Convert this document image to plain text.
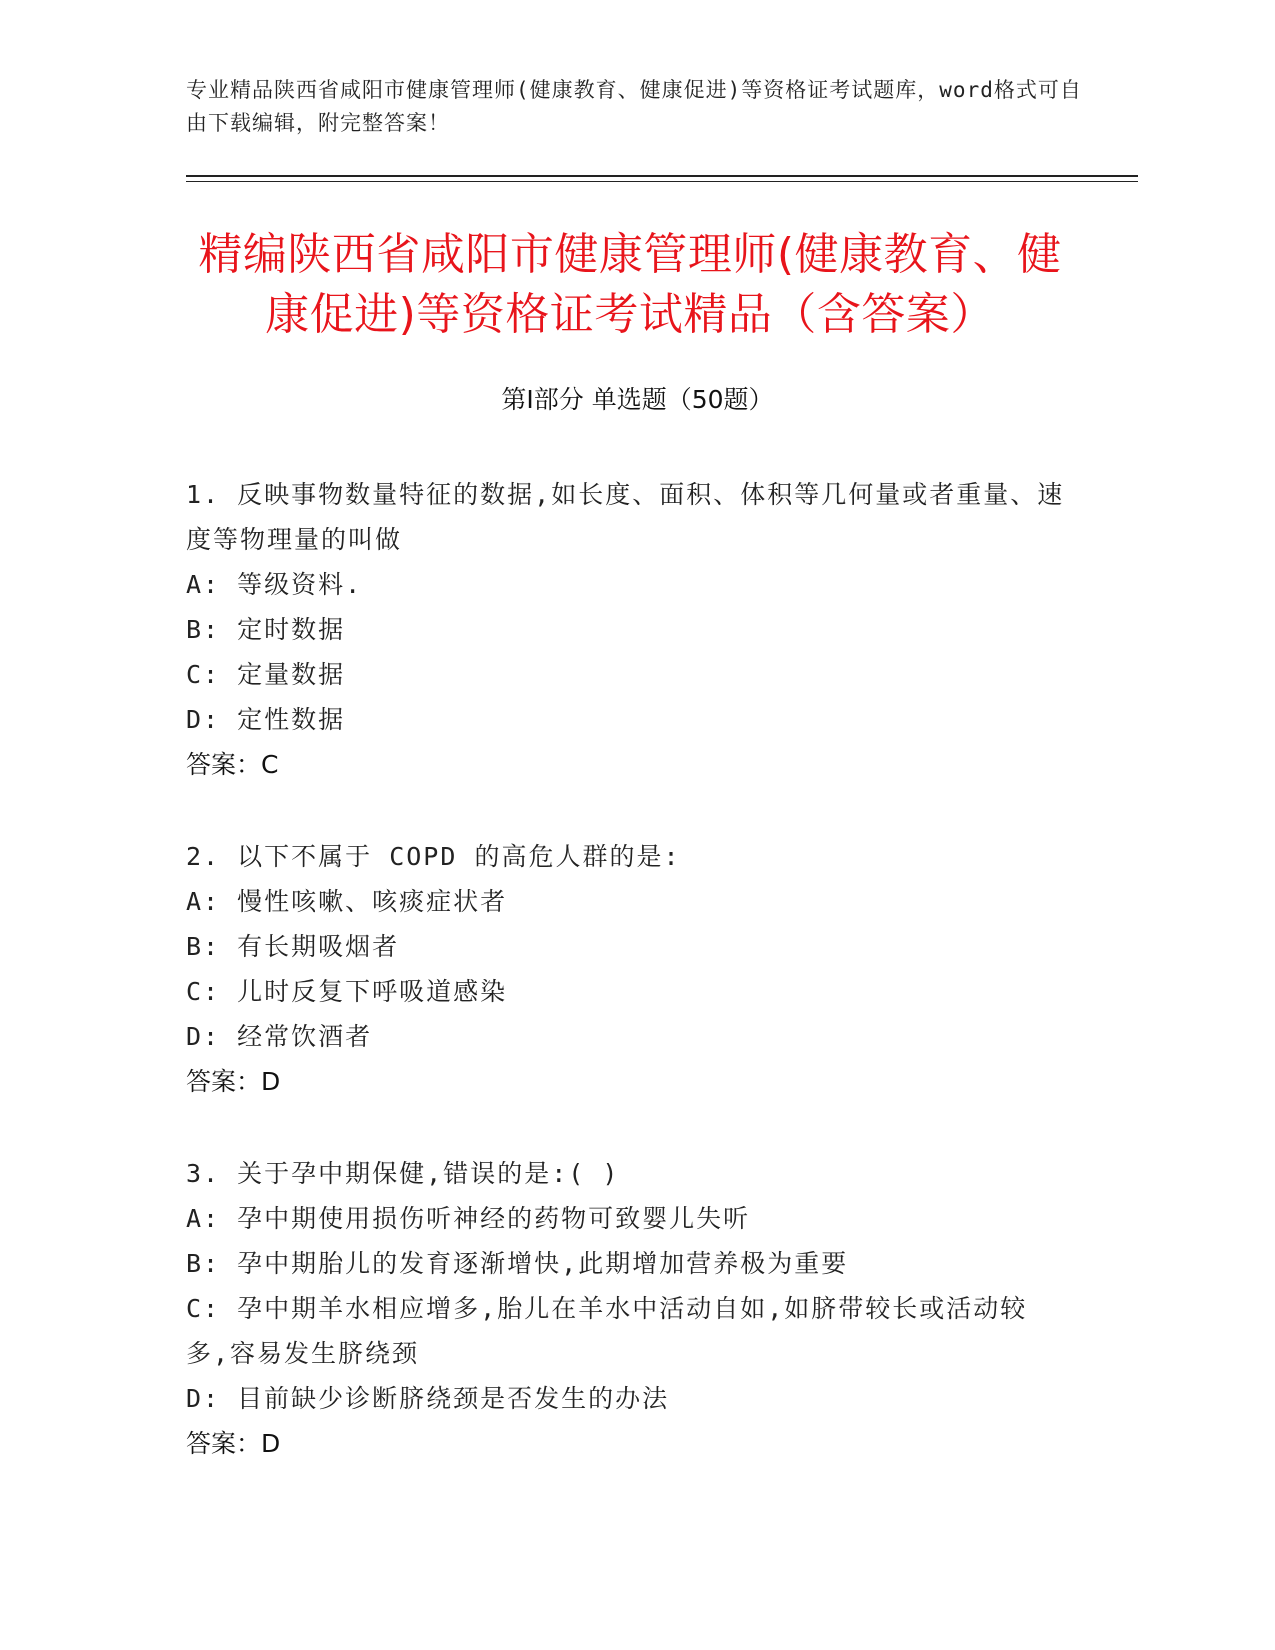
专业精品陕西省咸阳市健康管理师(健康教育、健康促进)等资格证考试题库，word格式可自由下载编辑，附完整答案！
精编陕西省咸阳市健康管理师(健康教育、健康促进)等资格证考试精品（含答案）
第Ⅰ部分 单选题（50题）

1. 反映事物数量特征的数据,如长度、面积、体积等几何量或者重量、速度等物理量的叫做

A: 等级资料.

B: 定时数据

C: 定量数据

D: 定性数据

答案：C

2. 以下不属于 COPD 的高危人群的是:

A: 慢性咳嗽、咳痰症状者

B: 有长期吸烟者

C: 儿时反复下呼吸道感染

D: 经常饮酒者

答案：D

3. 关于孕中期保健,错误的是:( )

A: 孕中期使用损伤听神经的药物可致婴儿失听

B: 孕中期胎儿的发育逐渐增快,此期增加营养极为重要

C: 孕中期羊水相应增多,胎儿在羊水中活动自如,如脐带较长或活动较多,容易发生脐绕颈

D: 目前缺少诊断脐绕颈是否发生的办法

答案：D
